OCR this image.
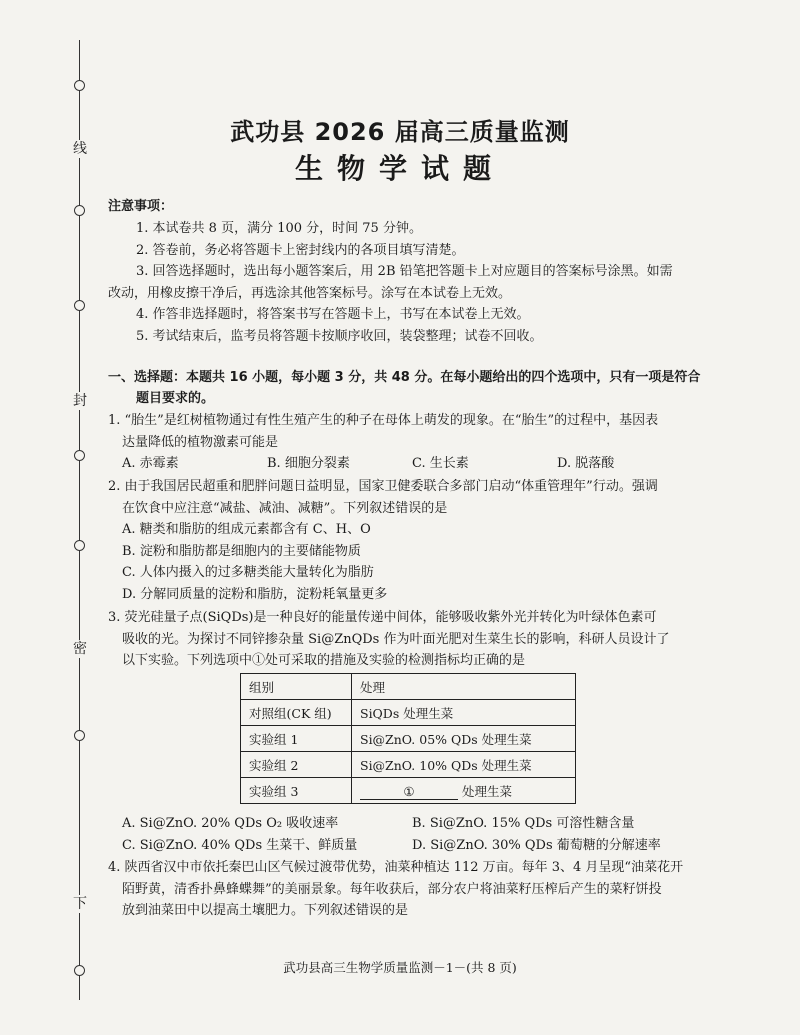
线
封
密
下
武功县 2026 届高三质量监测
生物学试题
注意事项：
1. 本试卷共 8 页，满分 100 分，时间 75 分钟。
2. 答卷前，务必将答题卡上密封线内的各项目填写清楚。
3. 回答选择题时，选出每小题答案后，用 2B 铅笔把答题卡上对应题目的答案标号涂黑。如需
改动，用橡皮擦干净后，再选涂其他答案标号。涂写在本试卷上无效。
4. 作答非选择题时，将答案书写在答题卡上，书写在本试卷上无效。
5. 考试结束后，监考员将答题卡按顺序收回，装袋整理；试卷不回收。
一、选择题：本题共 16 小题，每小题 3 分，共 48 分。在每小题给出的四个选项中，只有一项是符合
题目要求的。
1. “胎生”是红树植物通过有性生殖产生的种子在母体上萌发的现象。在“胎生”的过程中，基因表
达量降低的植物激素可能是
A. 赤霉素	B. 细胞分裂素	C. 生长素	D. 脱落酸
2. 由于我国居民超重和肥胖问题日益明显，国家卫健委联合多部门启动“体重管理年”行动。强调
在饮食中应注意“减盐、减油、减糖”。下列叙述错误的是
A. 糖类和脂肪的组成元素都含有 C、H、O
B. 淀粉和脂肪都是细胞内的主要储能物质
C. 人体内摄入的过多糖类能大量转化为脂肪
D. 分解同质量的淀粉和脂肪，淀粉耗氧量更多
3. 荧光硅量子点(SiQDs)是一种良好的能量传递中间体，能够吸收紫外光并转化为叶绿体色素可
吸收的光。为探讨不同锌掺杂量 Si@ZnQDs 作为叶面光肥对生菜生长的影响，科研人员设计了
以下实验。下列选项中①处可采取的措施及实验的检测指标均正确的是
组别	处理
对照组(CK 组)	SiQDs 处理生菜
实验组 1	Si@ZnO. 05% QDs 处理生菜
实验组 2	Si@ZnO. 10% QDs 处理生菜
实验组 3	① 处理生菜
A. Si@ZnO. 20% QDs O₂ 吸收速率	B. Si@ZnO. 15% QDs 可溶性糖含量
C. Si@ZnO. 40% QDs 生菜干、鲜质量	D. Si@ZnO. 30% QDs 葡萄糖的分解速率
4. 陕西省汉中市依托秦巴山区气候过渡带优势，油菜种植达 112 万亩。每年 3、4 月呈现“油菜花开
陌野黄，清香扑鼻蜂蝶舞”的美丽景象。每年收获后，部分农户将油菜籽压榨后产生的菜籽饼投
放到油菜田中以提高土壤肥力。下列叙述错误的是
武功县高三生物学质量监测－1－(共 8 页)
